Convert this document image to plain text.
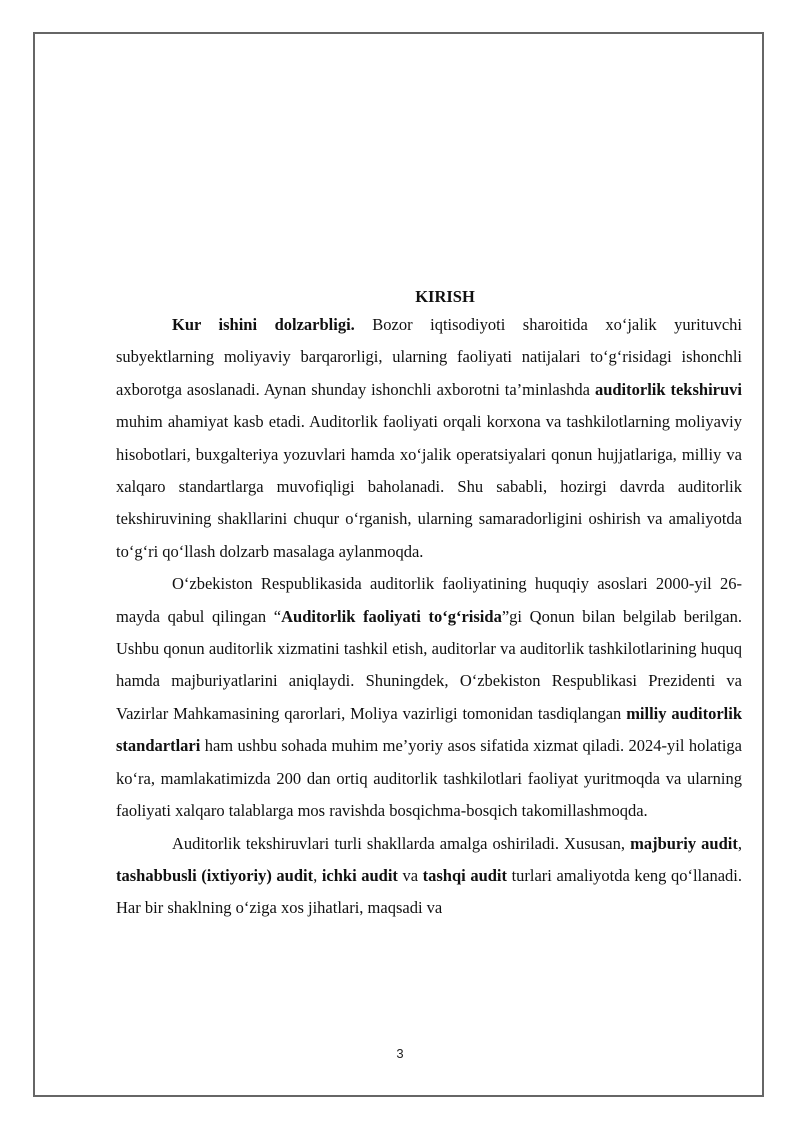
KIRISH

Kur ishini dolzarbligi. Bozor iqtisodiyoti sharoitida xo‘jalik yurituvchi subyektlarning moliyaviy barqarorligi, ularning faoliyati natijalari to‘g‘risidagi ishonchli axborotga asoslanadi. Aynan shunday ishonchli axborotni ta’minlashda auditorlik tekshiruvi muhim ahamiyat kasb etadi. Auditorlik faoliyati orqali korxona va tashkilotlarning moliyaviy hisobotlari, buxgalteriya yozuvlari hamda xo‘jalik operatsiyalari qonun hujjatlariga, milliy va xalqaro standartlarga muvofiqligi baholanadi. Shu sababli, hozirgi davrda auditorlik tekshiruvining shakllarini chuqur o‘rganish, ularning samaradorligini oshirish va amaliyotda to‘g‘ri qo‘llash dolzarb masalaga aylanmoqda.

O‘zbekiston Respublikasida auditorlik faoliyatining huquqiy asoslari 2000-yil 26-mayda qabul qilingan “Auditorlik faoliyati to‘g‘risida”gi Qonun bilan belgilab berilgan. Ushbu qonun auditorlik xizmatini tashkil etish, auditorlar va auditorlik tashkilotlarining huquq hamda majburiyatlarini aniqlaydi. Shuningdek, O‘zbekiston Respublikasi Prezidenti va Vazirlar Mahkamasining qarorlari, Moliya vazirligi tomonidan tasdiqlangan milliy auditorlik standartlari ham ushbu sohada muhim me’yoriy asos sifatida xizmat qiladi. 2024-yil holatiga ko‘ra, mamlakatimizda 200 dan ortiq auditorlik tashkilotlari faoliyat yuritmoqda va ularning faoliyati xalqaro talablarga mos ravishda bosqichma-bosqich takomillashmoqda.

Auditorlik tekshiruvlari turli shakllarda amalga oshiriladi. Xususan, majburiy audit, tashabbusli (ixtiyoriy) audit, ichki audit va tashqi audit turlari amaliyotda keng qo‘llanadi. Har bir shaklning o‘ziga xos jihatlari, maqsadi va

3
